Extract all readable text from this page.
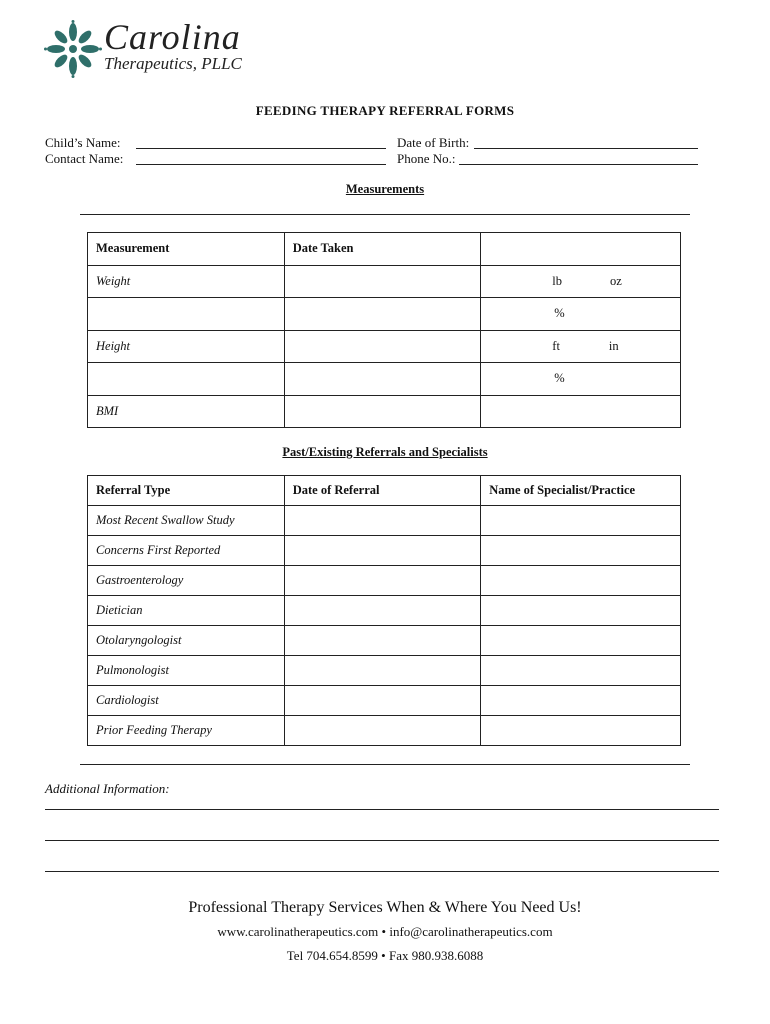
Carolina
Therapeutics, PLLC
FEEDING THERAPY REFERRAL FORMS
Child’s Name:
Contact Name:
Date of Birth:
Phone No.:
Measurements
Measurement	Date Taken	
Weight		lb oz
		%
Height		ft in
		%
BMI		
Past/Existing Referrals and Specialists
Referral Type	Date of Referral	Name of Specialist/Practice
Most Recent Swallow Study		
Concerns First Reported		
Gastroenterology		
Dietician		
Otolaryngologist		
Pulmonologist		
Cardiologist		
Prior Feeding Therapy		
Additional Information:
Professional Therapy Services When & Where You Need Us!
www.carolinatherapeutics.com • info@carolinatherapeutics.com
Tel 704.654.8599 • Fax 980.938.6088
